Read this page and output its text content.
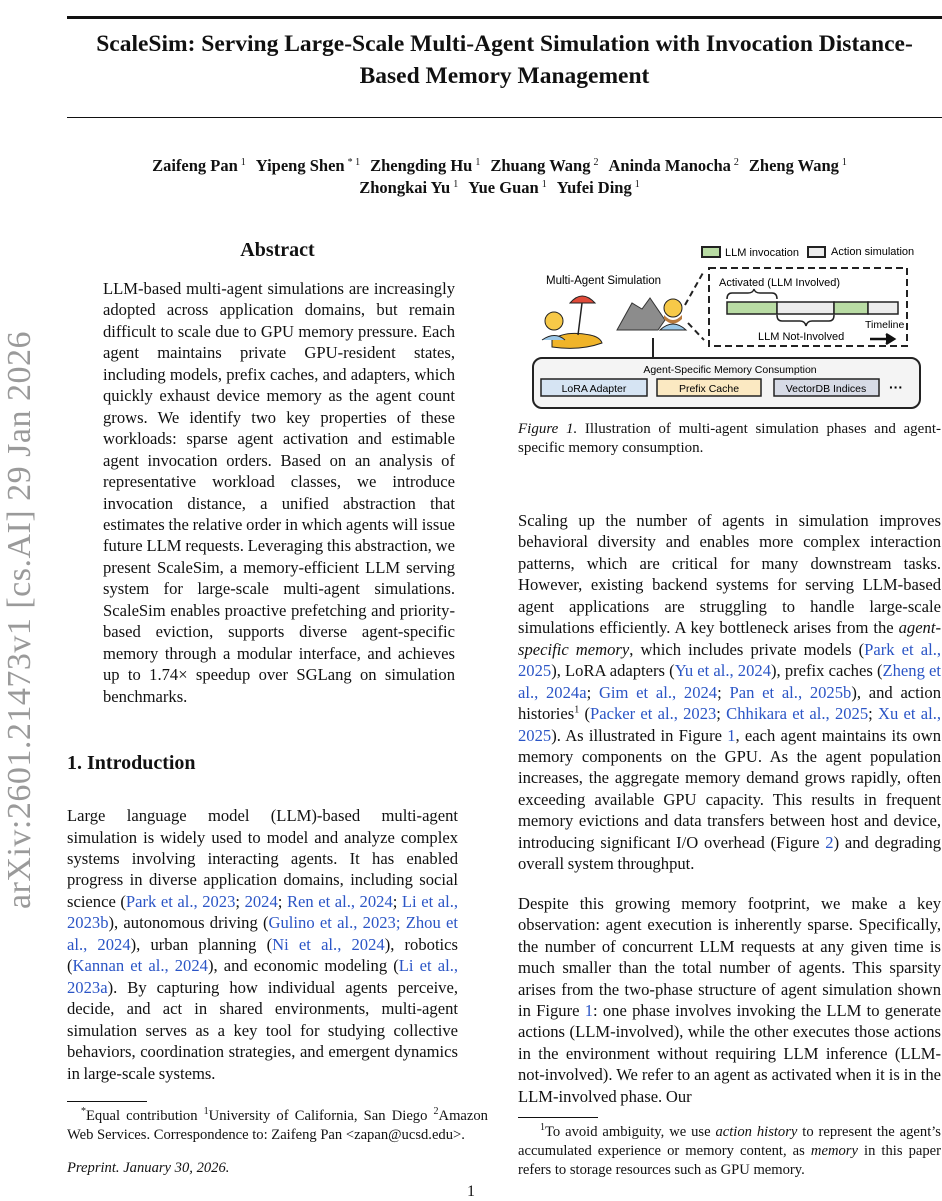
ScaleSim: Serving Large-Scale Multi-Agent Simulation with Invocation Distance-Based Memory Management
Zaifeng Pan $^1$ Yipeng Shen $^{* 1}$ Zhengding Hu $^1$ Zhuang Wang $^2$ Aninda Manocha $^2$ Zheng Wang $^1$
Zhongkai Yu $^1$ Yue Guan $^1$ Yufei Ding $^1$
arXiv:2601.21473v1 [cs.AI] 29 Jan 2026
Abstract
LLM-based multi-agent simulations are increasingly adopted across application domains, but remain difficult to scale due to GPU memory pressure. Each agent maintains private GPU-resident states, including models, prefix caches, and adapters, which quickly exhaust device memory as the agent count grows. We identify two key properties of these workloads: sparse agent activation and estimable agent invocation orders. Based on an analysis of representative workload classes, we introduce invocation distance, a unified abstraction that estimates the relative order in which agents will issue future LLM requests. Leveraging this abstraction, we present ScaleSim, a memory-efficient LLM serving system for large-scale multi-agent simulations. ScaleSim enables proactive prefetching and priority-based eviction, supports diverse agent-specific memory through a modular interface, and achieves up to 1.74× speedup over SGLang on simulation benchmarks.
1. Introduction
Large language model (LLM)-based multi-agent simulation is widely used to model and analyze complex systems involving interacting agents. It has enabled progress in diverse application domains, including social science (Park et al., 2023; 2024; Ren et al., 2024; Li et al., 2023b), autonomous driving (Gulino et al., 2023; Zhou et al., 2024), urban planning (Ni et al., 2024), robotics (Kannan et al., 2024), and economic modeling (Li et al., 2023a). By capturing how individual agents perceive, decide, and act in shared environments, multi-agent simulation serves as a key tool for studying collective behaviors, coordination strategies, and emergent dynamics in large-scale systems.
*Equal contribution $^1$University of California, San Diego $^2$Amazon Web Services. Correspondence to: Zaifeng Pan <zapan@ucsd.edu>.
Preprint. January 30, 2026.
LLM invocation	Action simulation
Multi-Agent Simulation	Activated (LLM Involved)
LLM Not-Involved
Timeline
Agent-Specific Memory Consumption
LoRA Adapter	Prefix Cache	VectorDB Indices ···
Figure 1. Illustration of multi-agent simulation phases and agent-specific memory consumption.
Scaling up the number of agents in simulation improves behavioral diversity and enables more complex interaction patterns, which are critical for many downstream tasks. However, existing backend systems for serving LLM-based agent applications are struggling to handle large-scale simulations efficiently. A key bottleneck arises from the agent-specific memory, which includes private models (Park et al., 2025), LoRA adapters (Yu et al., 2024), prefix caches (Zheng et al., 2024a; Gim et al., 2024; Pan et al., 2025b), and action histories$^1$ (Packer et al., 2023; Chhikara et al., 2025; Xu et al., 2025). As illustrated in Figure 1, each agent maintains its own memory components on the GPU. As the agent population increases, the aggregate memory demand grows rapidly, often exceeding available GPU capacity. This results in frequent memory evictions and data transfers between host and device, introducing significant I/O overhead (Figure 2) and degrading overall system throughput.
Despite this growing memory footprint, we make a key observation: agent execution is inherently sparse. Specifically, the number of concurrent LLM requests at any given time is much smaller than the total number of agents. This sparsity arises from the two-phase structure of agent simulation shown in Figure 1: one phase involves invoking the LLM to generate actions (LLM-involved), while the other executes those actions in the environment without requiring LLM inference (LLM-not-involved). We refer to an agent as activated when it is in the LLM-involved phase. Our
$^1$To avoid ambiguity, we use action history to represent the agent’s accumulated experience or memory content, as memory in this paper refers to storage resources such as GPU memory.
1
